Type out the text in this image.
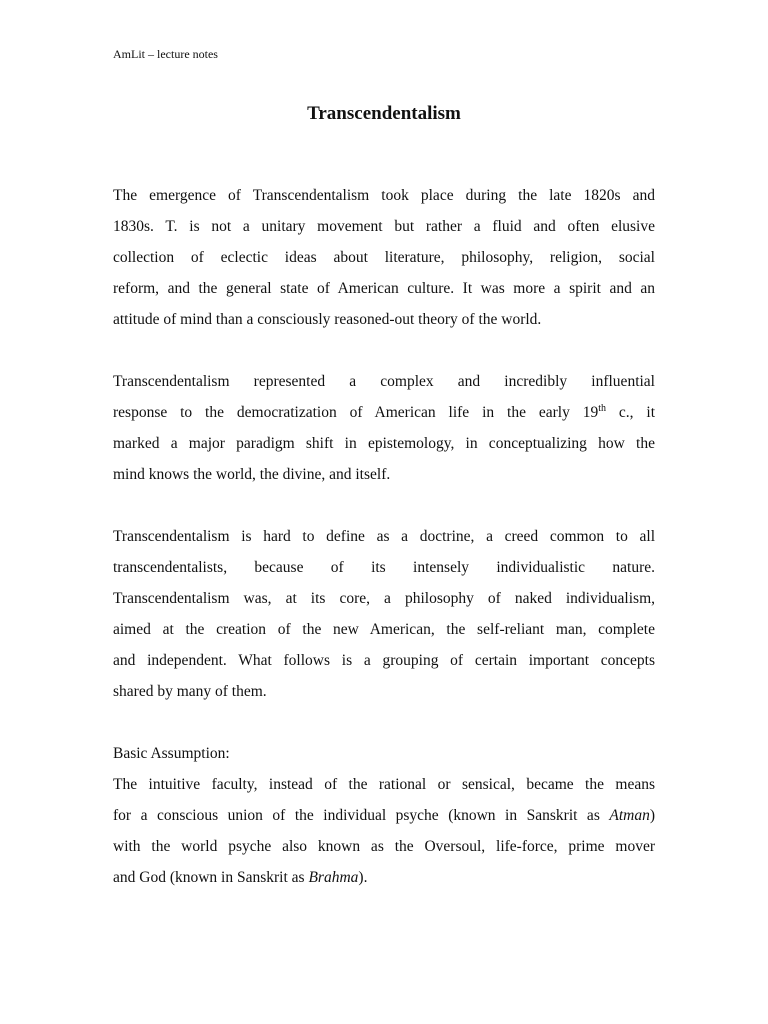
AmLit – lecture notes
Transcendentalism

The emergence of Transcendentalism took place during the late 1820s and
1830s. T. is not a unitary movement but rather a fluid and often elusive
collection of eclectic ideas about literature, philosophy, religion, social
reform, and the general state of American culture. It was more a spirit and an
attitude of mind than a consciously reasoned-out theory of the world.

Transcendentalism represented a complex and incredibly influential
response to the democratization of American life in the early 19th c., it
marked a major paradigm shift in epistemology, in conceptualizing how the
mind knows the world, the divine, and itself.

Transcendentalism is hard to define as a doctrine, a creed common to all
transcendentalists, because of its intensely individualistic nature.
Transcendentalism was, at its core, a philosophy of naked individualism,
aimed at the creation of the new American, the self-reliant man, complete
and independent. What follows is a grouping of certain important concepts
shared by many of them.

Basic Assumption:
The intuitive faculty, instead of the rational or sensical, became the means
for a conscious union of the individual psyche (known in Sanskrit as Atman)
with the world psyche also known as the Oversoul, life-force, prime mover
and God (known in Sanskrit as Brahma).
